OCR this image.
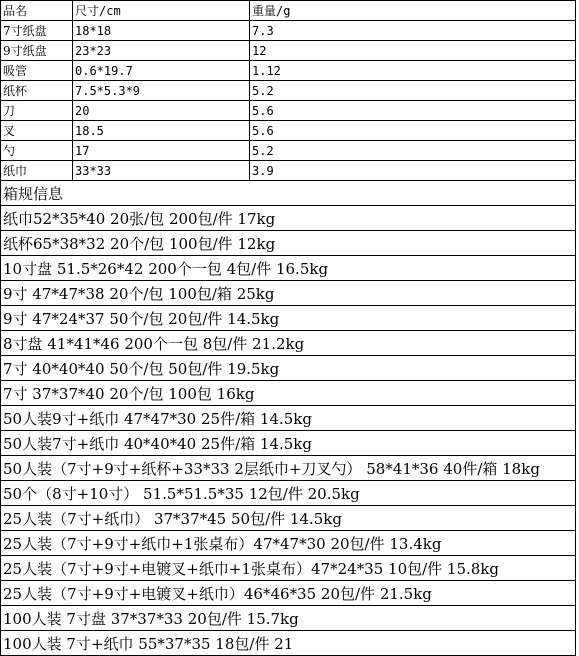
品名	尺寸/cm	重量/g
7寸纸盘	18*18	7.3
9寸纸盘	23*23	12
吸管	0.6*19.7	1.12
纸杯	7.5*5.3*9	5.2
刀	20	5.6
叉	18.5	5.6
勺	17	5.2
纸巾	33*33	3.9
箱规信息		
纸巾52*35*40 20张/包 200包/件 17kg		
纸杯65*38*32 20个/包 100包/件 12kg		
10寸盘 51.5*26*42 200个一包 4包/件 16.5kg		
9寸 47*47*38 20个/包 100包/箱 25kg		
9寸 47*24*37 50个/包 20包/件 14.5kg		
8寸盘 41*41*46 200个一包 8包/件 21.2kg		
7寸 40*40*40 50个/包 50包/件 19.5kg		
7寸 37*37*40 20个/包 100包 16kg		
50人装9寸+纸巾 47*47*30 25件/箱 14.5kg		
50人装7寸+纸巾 40*40*40 25件/箱 14.5kg		
50人装（7寸+9寸+纸杯+33*33 2层纸巾+刀叉勺） 58*41*36 40件/箱 18kg		
50个（8寸+10寸） 51.5*51.5*35 12包/件 20.5kg		
25人装（7寸+纸巾） 37*37*45 50包/件 14.5kg		
25人装（7寸+9寸+纸巾+1张桌布）47*47*30 20包/件 13.4kg		
25人装（7寸+9寸+电镀叉+纸巾+1张桌布）47*24*35 10包/件 15.8kg		
25人装（7寸+9寸+电镀叉+纸巾）46*46*35 20包/件 21.5kg		
100人装 7寸盘 37*37*33 20包/件 15.7kg		
100人装 7寸+纸巾 55*37*35 18包/件 21		
